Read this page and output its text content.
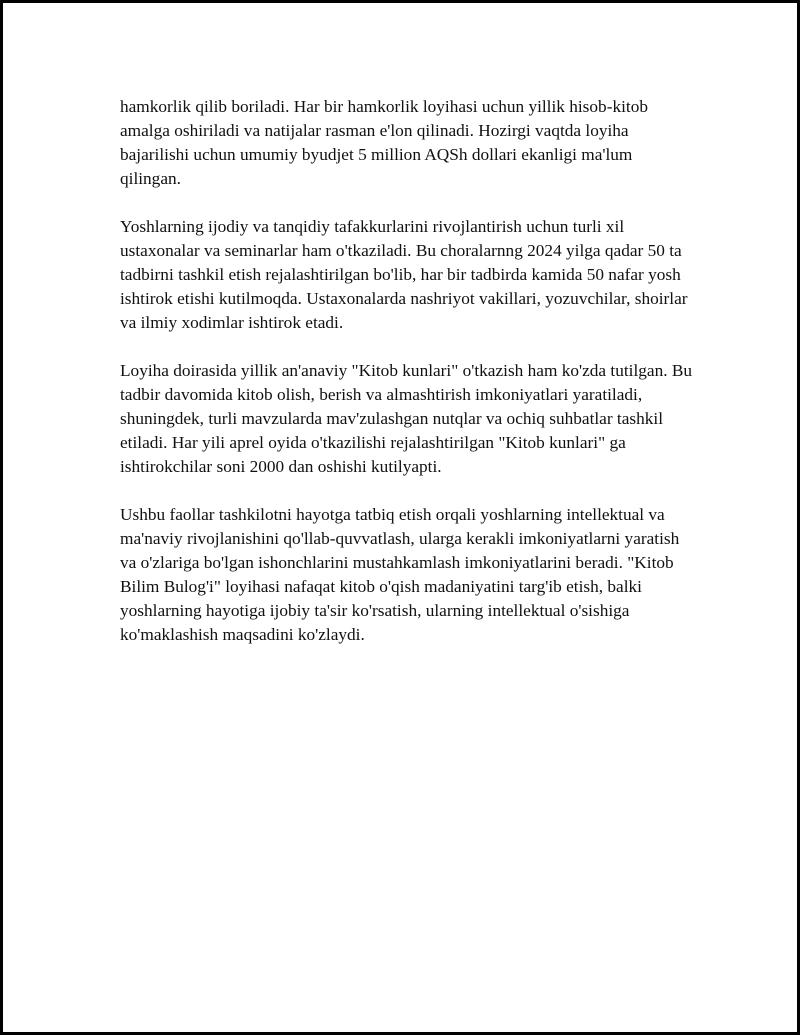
hamkorlik qilib boriladi. Har bir hamkorlik loyihasi uchun yillik hisob-kitob amalga oshiriladi va natijalar rasman e'lon qilinadi. Hozirgi vaqtda loyiha bajarilishi uchun umumiy byudjet 5 million AQSh dollari ekanligi ma'lum qilingan.

Yoshlarning ijodiy va tanqidiy tafakkurlarini rivojlantirish uchun turli xil ustaxonalar va seminarlar ham o'tkaziladi. Bu choralarnng 2024 yilga qadar 50 ta tadbirni tashkil etish rejalashtirilgan bo'lib, har bir tadbirda kamida 50 nafar yosh ishtirok etishi kutilmoqda. Ustaxonalarda nashriyot vakillari, yozuvchilar, shoirlar va ilmiy xodimlar ishtirok etadi.

Loyiha doirasida yillik an'anaviy "Kitob kunlari" o'tkazish ham ko'zda tutilgan. Bu tadbir davomida kitob olish, berish va almashtirish imkoniyatlari yaratiladi, shuningdek, turli mavzularda mav'zulashgan nutqlar va ochiq suhbatlar tashkil etiladi. Har yili aprel oyida o'tkazilishi rejalashtirilgan "Kitob kunlari" ga ishtirokchilar soni 2000 dan oshishi kutilyapti.

Ushbu faollar tashkilotni hayotga tatbiq etish orqali yoshlarning intellektual va ma'naviy rivojlanishini qo'llab-quvvatlash, ularga kerakli imkoniyatlarni yaratish va o'zlariga bo'lgan ishonchlarini mustahkamlash imkoniyatlarini beradi. "Kitob Bilim Bulog'i" loyihasi nafaqat kitob o'qish madaniyatini targ'ib etish, balki yoshlarning hayotiga ijobiy ta'sir ko'rsatish, ularning intellektual o'sishiga ko'maklashish maqsadini ko'zlaydi.
